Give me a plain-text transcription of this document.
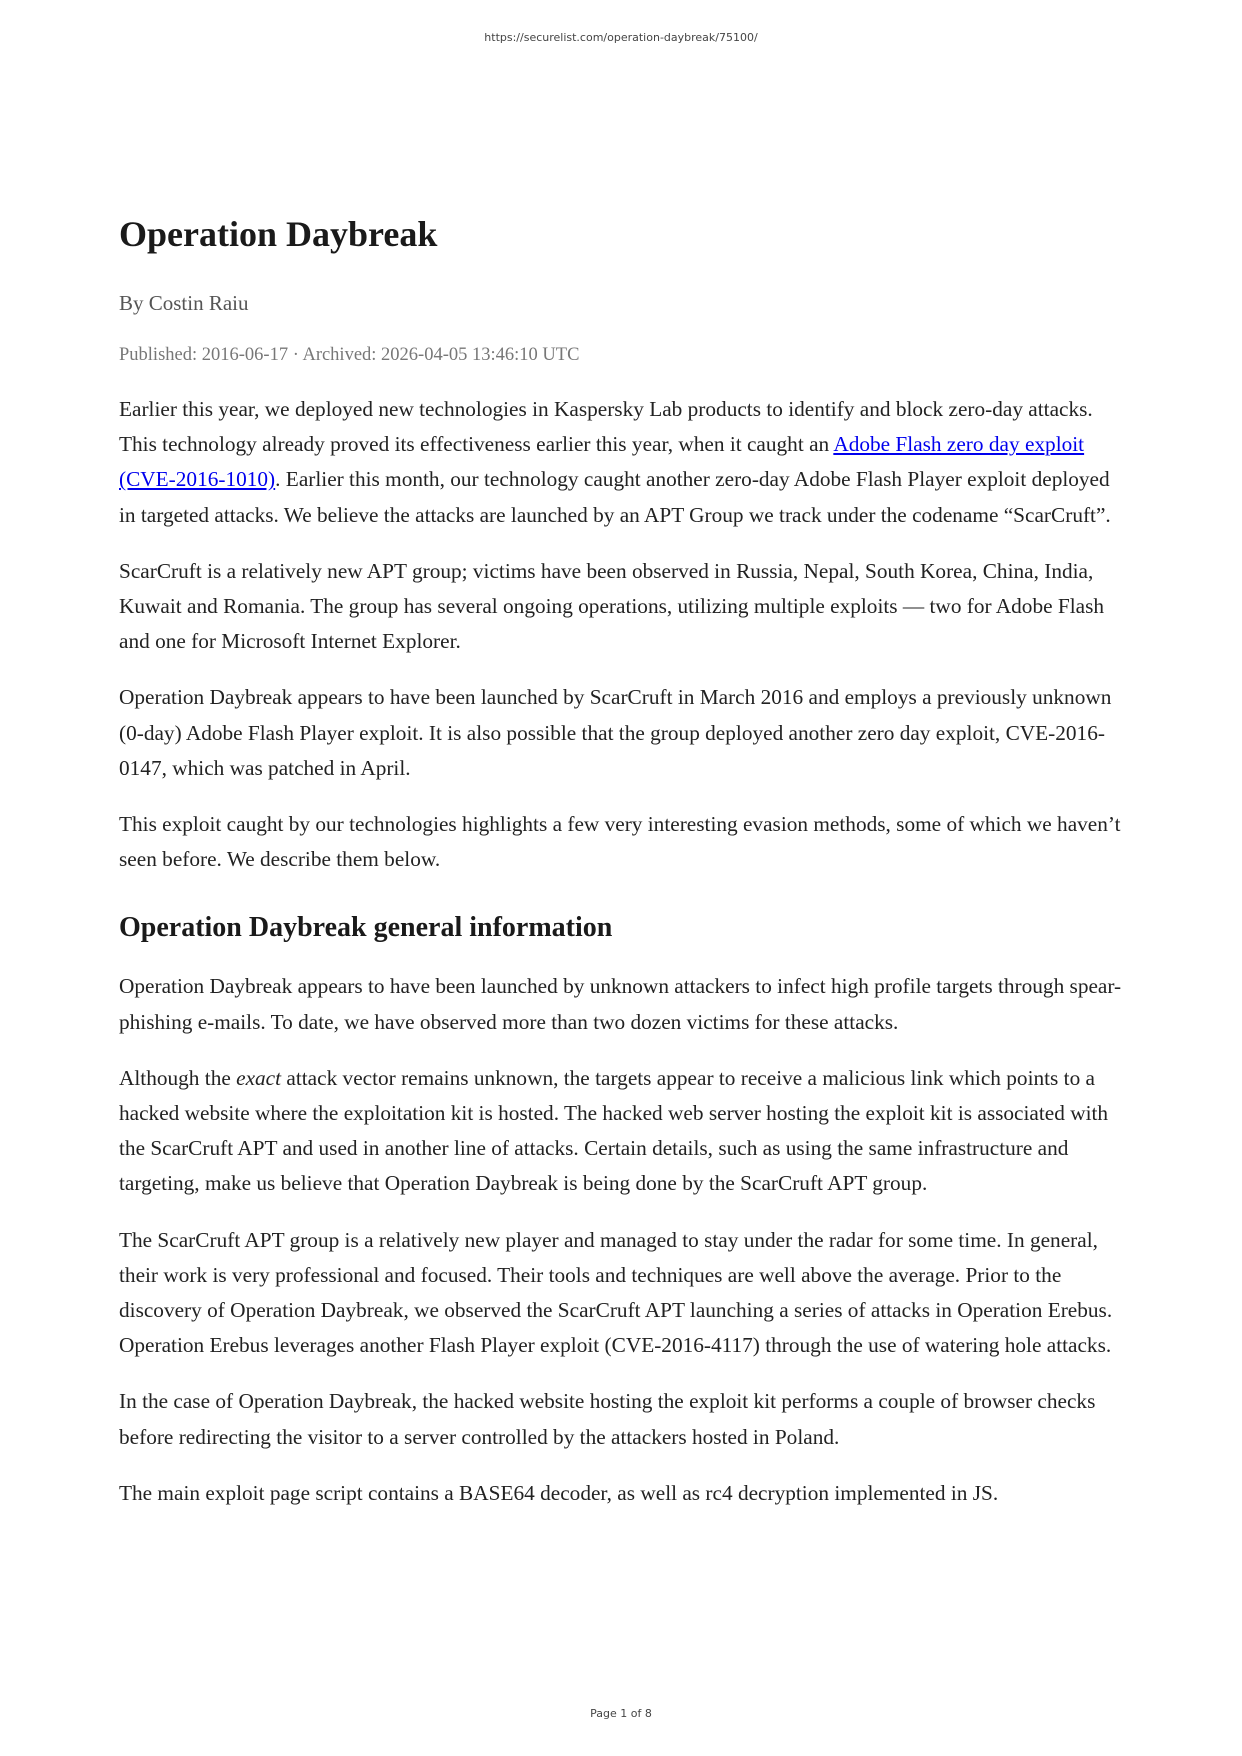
https://securelist.com/operation-daybreak/75100/
Operation Daybreak
By Costin Raiu
Published: 2016-06-17 · Archived: 2026-04-05 13:46:10 UTC

Earlier this year, we deployed new technologies in Kaspersky Lab products to identify and block zero-day attacks. This technology already proved its effectiveness earlier this year, when it caught an Adobe Flash zero day exploit (CVE-2016-1010). Earlier this month, our technology caught another zero-day Adobe Flash Player exploit deployed in targeted attacks. We believe the attacks are launched by an APT Group we track under the codename “ScarCruft”.

ScarCruft is a relatively new APT group; victims have been observed in Russia, Nepal, South Korea, China, India, Kuwait and Romania. The group has several ongoing operations, utilizing multiple exploits — two for Adobe Flash and one for Microsoft Internet Explorer.

Operation Daybreak appears to have been launched by ScarCruft in March 2016 and employs a previously unknown (0-day) Adobe Flash Player exploit. It is also possible that the group deployed another zero day exploit, CVE-2016-0147, which was patched in April.

This exploit caught by our technologies highlights a few very interesting evasion methods, some of which we haven’t seen before. We describe them below.

Operation Daybreak general information

Operation Daybreak appears to have been launched by unknown attackers to infect high profile targets through spear-phishing e-mails. To date, we have observed more than two dozen victims for these attacks.

Although the exact attack vector remains unknown, the targets appear to receive a malicious link which points to a hacked website where the exploitation kit is hosted. The hacked web server hosting the exploit kit is associated with the ScarCruft APT and used in another line of attacks. Certain details, such as using the same infrastructure and targeting, make us believe that Operation Daybreak is being done by the ScarCruft APT group.

The ScarCruft APT group is a relatively new player and managed to stay under the radar for some time. In general, their work is very professional and focused. Their tools and techniques are well above the average. Prior to the discovery of Operation Daybreak, we observed the ScarCruft APT launching a series of attacks in Operation Erebus. Operation Erebus leverages another Flash Player exploit (CVE-2016-4117) through the use of watering hole attacks.

In the case of Operation Daybreak, the hacked website hosting the exploit kit performs a couple of browser checks before redirecting the visitor to a server controlled by the attackers hosted in Poland.

The main exploit page script contains a BASE64 decoder, as well as rc4 decryption implemented in JS.

Page 1 of 8
